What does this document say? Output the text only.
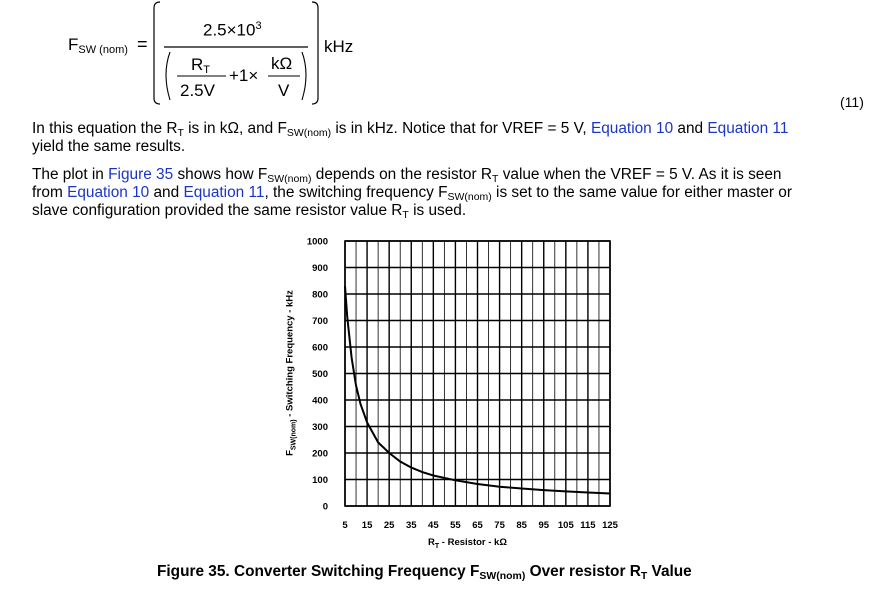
$F_{SW (nom)}$ =
$2.5\times 10^3$
$R_T$
2.5V
+1×
kΩ
V
kHz
(11)
In this equation the $R_T$ is in kΩ, and $F_{SW(nom)}$ is in kHz. Notice that for VREF = 5 V, Equation 10 and Equation 11
yield the same results.
The plot in Figure 35 shows how $F_{SW(nom)}$ depends on the resistor $R_T$ value when the VREF = 5 V. As it is seen
from Equation 10 and Equation 11, the switching frequency $F_{SW(nom)}$ is set to the same value for either master or
slave configuration provided the same resistor value $R_T$ is used.
5 15 25 35 45 55 65 75 85 95 105 115 125
0
100
200
300
400
500
600
700
800
900
1000
$F_{SW(nom)}$ - Switching Frequency - kHz
$R_T$ - Resistor - kΩ
Figure 35. Converter Switching Frequency $F_{SW(nom)}$ Over resistor $R_T$ Value
